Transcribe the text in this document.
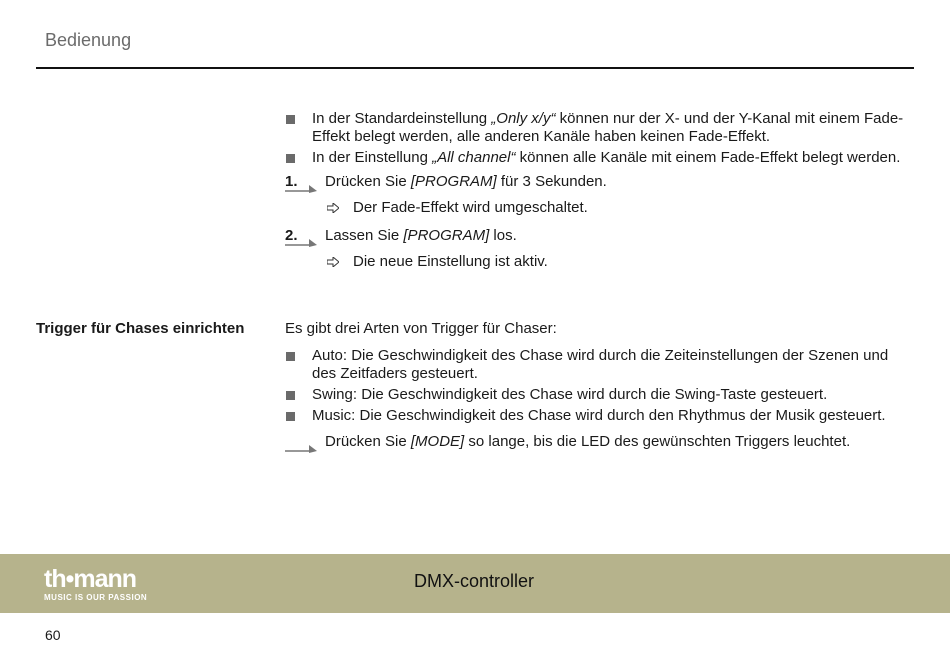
Bedienung
In der Standardeinstellung „Only x/y“ können nur der X- und der Y-Kanal mit einem Fade-Effekt belegt werden, alle anderen Kanäle haben keinen Fade-Effekt.
In der Einstellung „All channel“ können alle Kanäle mit einem Fade-Effekt belegt werden.
1. Drücken Sie [PROGRAM] für 3 Sekunden.
Der Fade-Effekt wird umgeschaltet.
2. Lassen Sie [PROGRAM] los.
Die neue Einstellung ist aktiv.
Trigger für Chases einrichten	Es gibt drei Arten von Trigger für Chaser:
Auto: Die Geschwindigkeit des Chase wird durch die Zeiteinstellungen der Szenen und des Zeitfaders gesteuert.
Swing: Die Geschwindigkeit des Chase wird durch die Swing-Taste gesteuert.
Music: Die Geschwindigkeit des Chase wird durch den Rhythmus der Musik gesteuert.
Drücken Sie [MODE] so lange, bis die LED des gewünschten Triggers leuchtet.
th•mann
MUSIC IS OUR PASSION
DMX-controller
60
